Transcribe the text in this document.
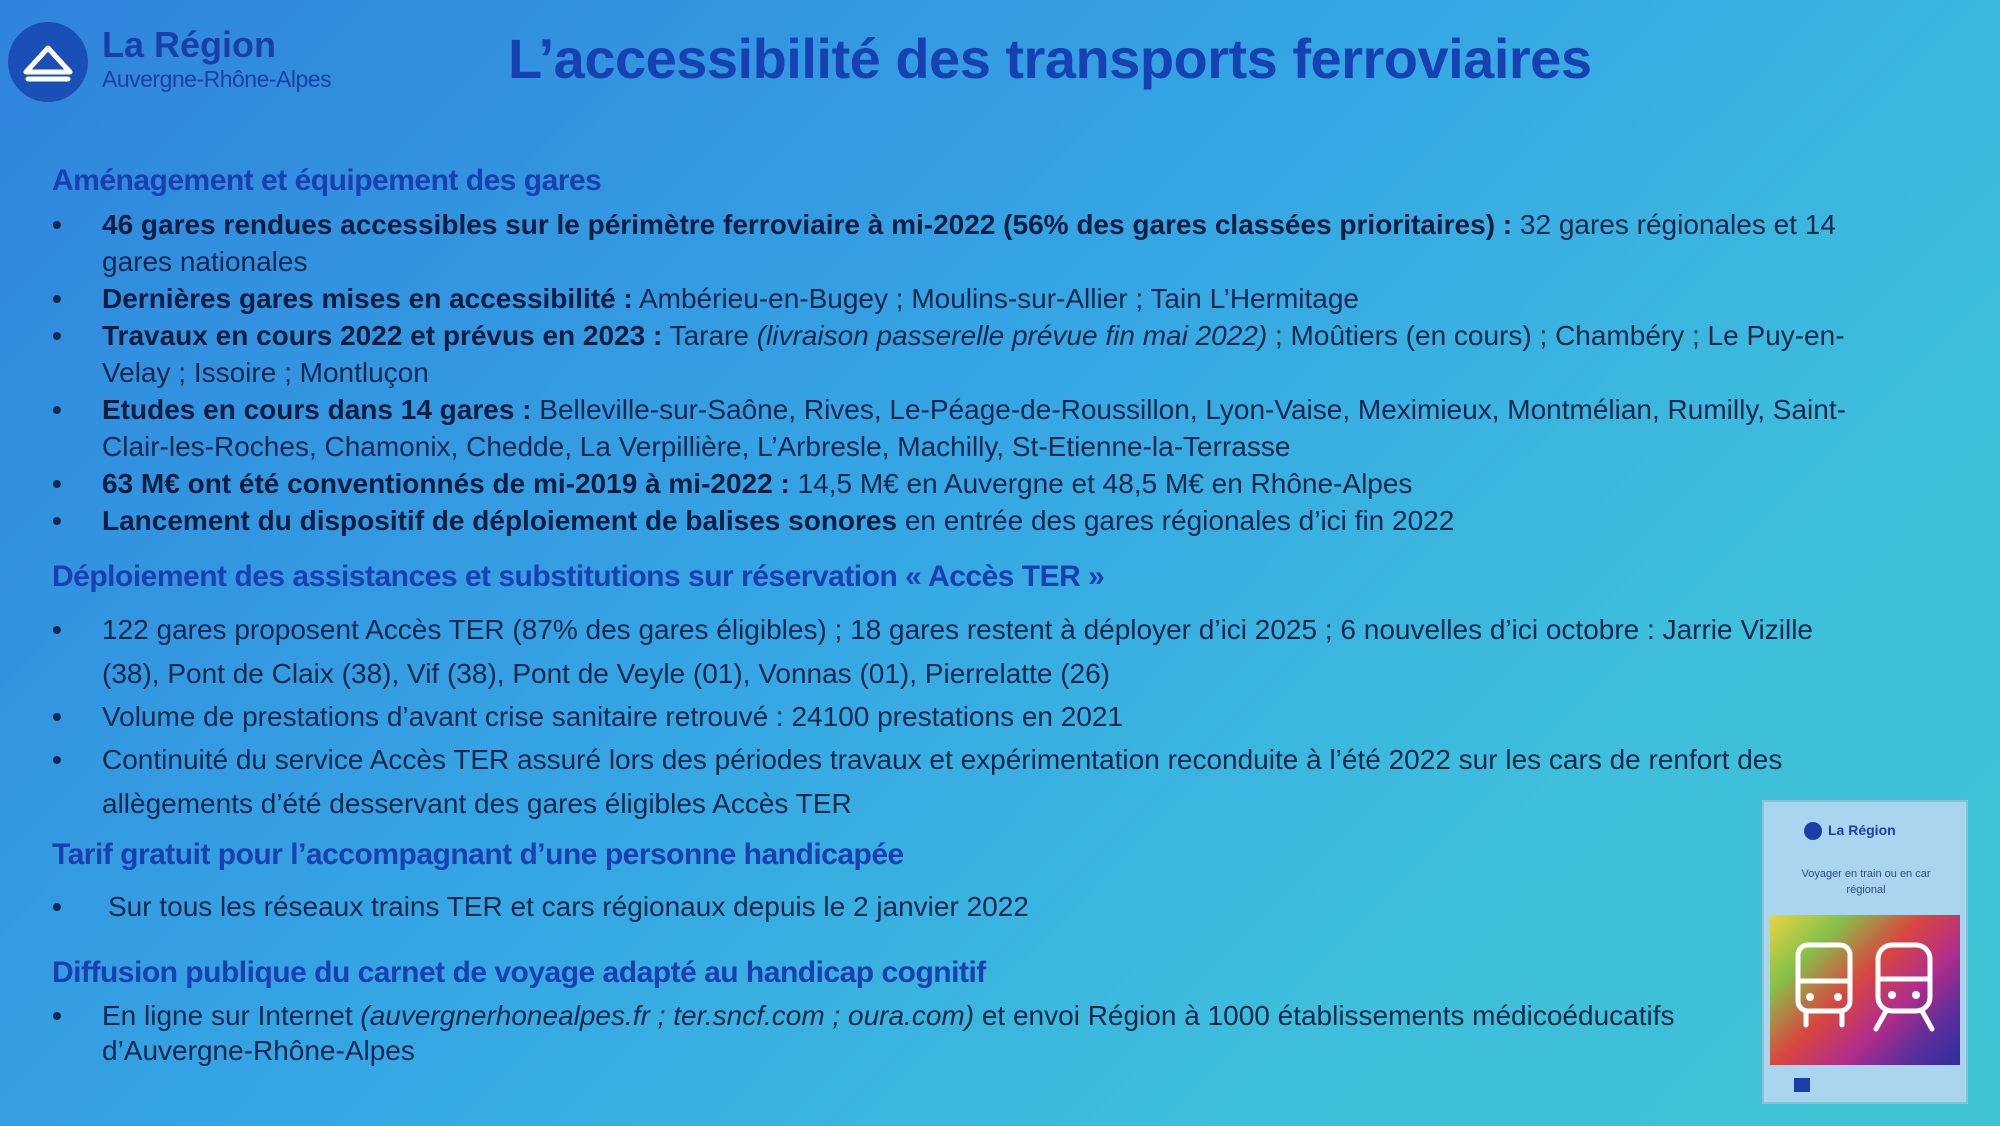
La Région
Auvergne-Rhône-Alpes	L’accessibilité des transports ferroviaires
Aménagement et équipement des gares
• 46 gares rendues accessibles sur le périmètre ferroviaire à mi-2022 (56% des gares classées prioritaires) : 32 gares régionales et 14 gares nationales
• Dernières gares mises en accessibilité : Ambérieu-en-Bugey ; Moulins-sur-Allier ; Tain L’Hermitage
• Travaux en cours 2022 et prévus en 2023 : Tarare (livraison passerelle prévue fin mai 2022) ; Moûtiers (en cours) ; Chambéry ; Le Puy-en-Velay ; Issoire ; Montluçon
• Etudes en cours dans 14 gares : Belleville-sur-Saône, Rives, Le-Péage-de-Roussillon, Lyon-Vaise, Meximieux, Montmélian, Rumilly, Saint-Clair-les-Roches, Chamonix, Chedde, La Verpillière, L’Arbresle, Machilly, St-Etienne-la-Terrasse
• 63 M€ ont été conventionnés de mi-2019 à mi-2022 : 14,5 M€ en Auvergne et 48,5 M€ en Rhône-Alpes
• Lancement du dispositif de déploiement de balises sonores en entrée des gares régionales d’ici fin 2022
Déploiement des assistances et substitutions sur réservation « Accès TER »
• 122 gares proposent Accès TER (87% des gares éligibles) ; 18 gares restent à déployer d’ici 2025 ; 6 nouvelles d’ici octobre : Jarrie Vizille (38), Pont de Claix (38), Vif (38), Pont de Veyle (01), Vonnas (01), Pierrelatte (26)
• Volume de prestations d’avant crise sanitaire retrouvé : 24100 prestations en 2021
• Continuité du service Accès TER assuré lors des périodes travaux et expérimentation reconduite à l’été 2022 sur les cars de renfort des allègements d’été desservant des gares éligibles Accès TER
Tarif gratuit pour l’accompagnant d’une personne handicapée
• Sur tous les réseaux trains TER et cars régionaux depuis le 2 janvier 2022
Diffusion publique du carnet de voyage adapté au handicap cognitif
• En ligne sur Internet (auvergnerhonealpes.fr ; ter.sncf.com ; oura.com) et envoi Région à 1000 établissements médicoéducatifs d’Auvergne-Rhône-Alpes
La Région
Voyager en train ou en car régional
